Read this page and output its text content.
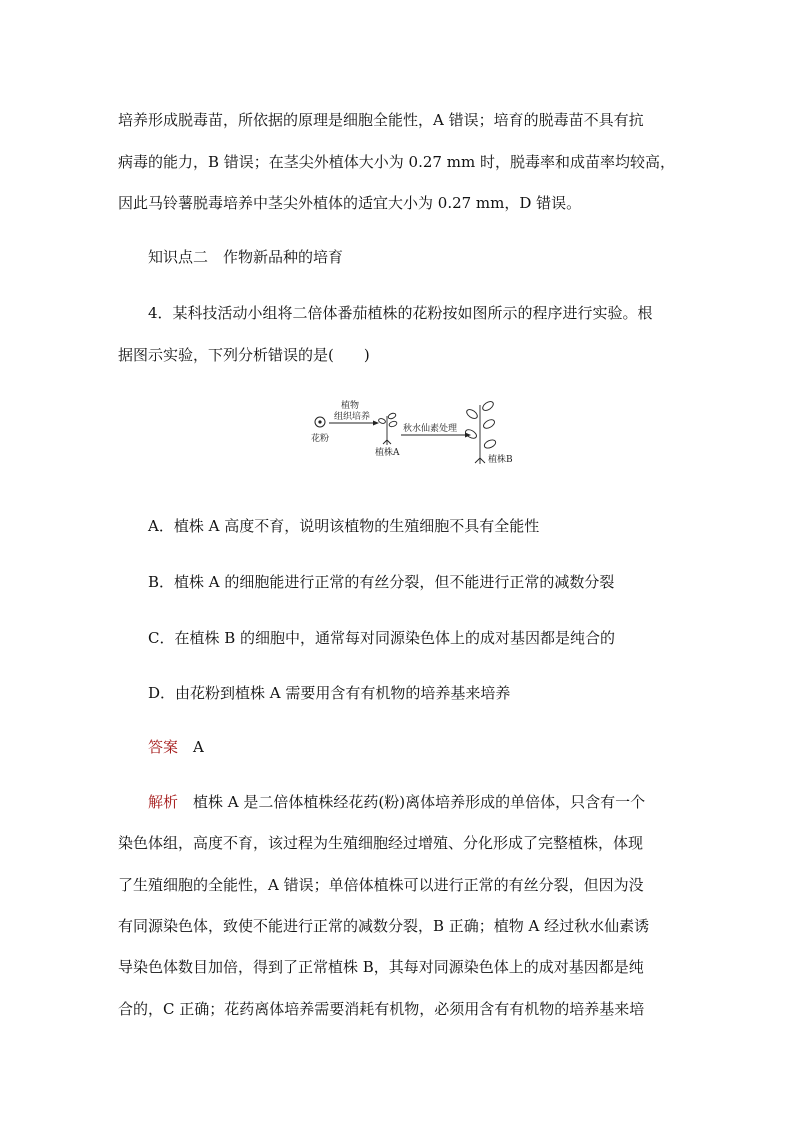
培养形成脱毒苗，所依据的原理是细胞全能性，A 错误；培育的脱毒苗不具有抗
病毒的能力，B 错误；在茎尖外植体大小为 0.27 mm 时，脱毒率和成苗率均较高，
因此马铃薯脱毒培养中茎尖外植体的适宜大小为 0.27 mm，D 错误。
知识点二　作物新品种的培育
4．某科技活动小组将二倍体番茄植株的花粉按如图所示的程序进行实验。根
据图示实验，下列分析错误的是(　　)
花粉
植物
组织培养
植株A
秋水仙素处理
植株B
A．植株 A 高度不育，说明该植物的生殖细胞不具有全能性
B．植株 A 的细胞能进行正常的有丝分裂，但不能进行正常的减数分裂
C．在植株 B 的细胞中，通常每对同源染色体上的成对基因都是纯合的
D．由花粉到植株 A 需要用含有有机物的培养基来培养
答案　 A
解析　 植株 A 是二倍体植株经花药(粉)离体培养形成的单倍体，只含有一个
染色体组，高度不育，该过程为生殖细胞经过增殖、分化形成了完整植株，体现
了生殖细胞的全能性，A 错误；单倍体植株可以进行正常的有丝分裂，但因为没
有同源染色体，致使不能进行正常的减数分裂，B 正确；植物 A 经过秋水仙素诱
导染色体数目加倍，得到了正常植株 B，其每对同源染色体上的成对基因都是纯
合的，C 正确；花药离体培养需要消耗有机物，必须用含有有机物的培养基来培
